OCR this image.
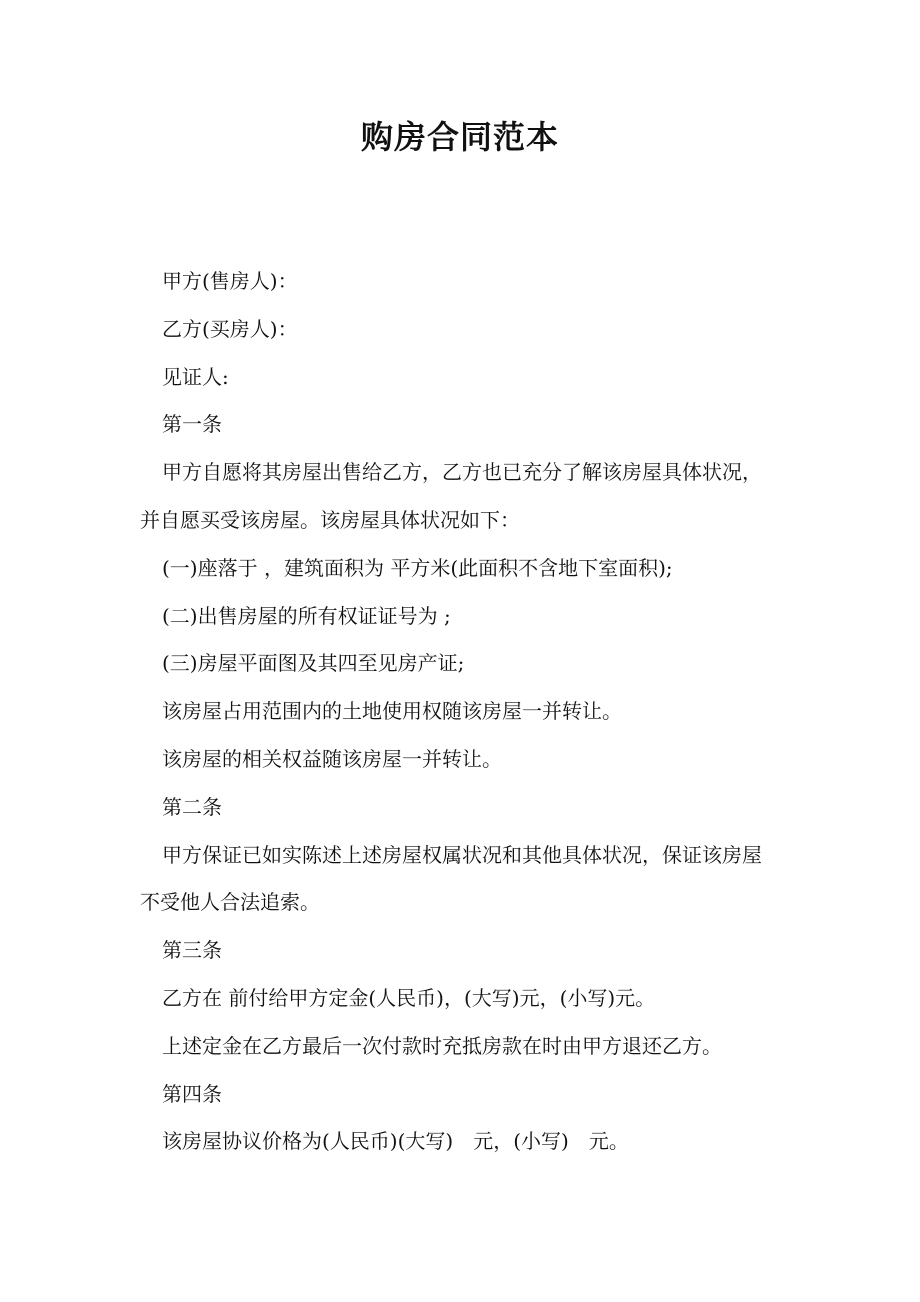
购房合同范本

甲方(售房人)：

乙方(买房人)：

见证人:

第一条

甲方自愿将其房屋出售给乙方，乙方也已充分了解该房屋具体状况，并自愿买受该房屋。该房屋具体状况如下：

(一)座落于 ，建筑面积为 平方米(此面积不含地下室面积);

(二)出售房屋的所有权证证号为 ;

(三)房屋平面图及其四至见房产证;

该房屋占用范围内的土地使用权随该房屋一并转让。

该房屋的相关权益随该房屋一并转让。

第二条

甲方保证已如实陈述上述房屋权属状况和其他具体状况，保证该房屋不受他人合法追索。

第三条

乙方在 前付给甲方定金(人民币)，(大写)元，(小写)元。

上述定金在乙方最后一次付款时充抵房款在时由甲方退还乙方。

第四条

该房屋协议价格为(人民币)(大写)　元，(小写)　元。
